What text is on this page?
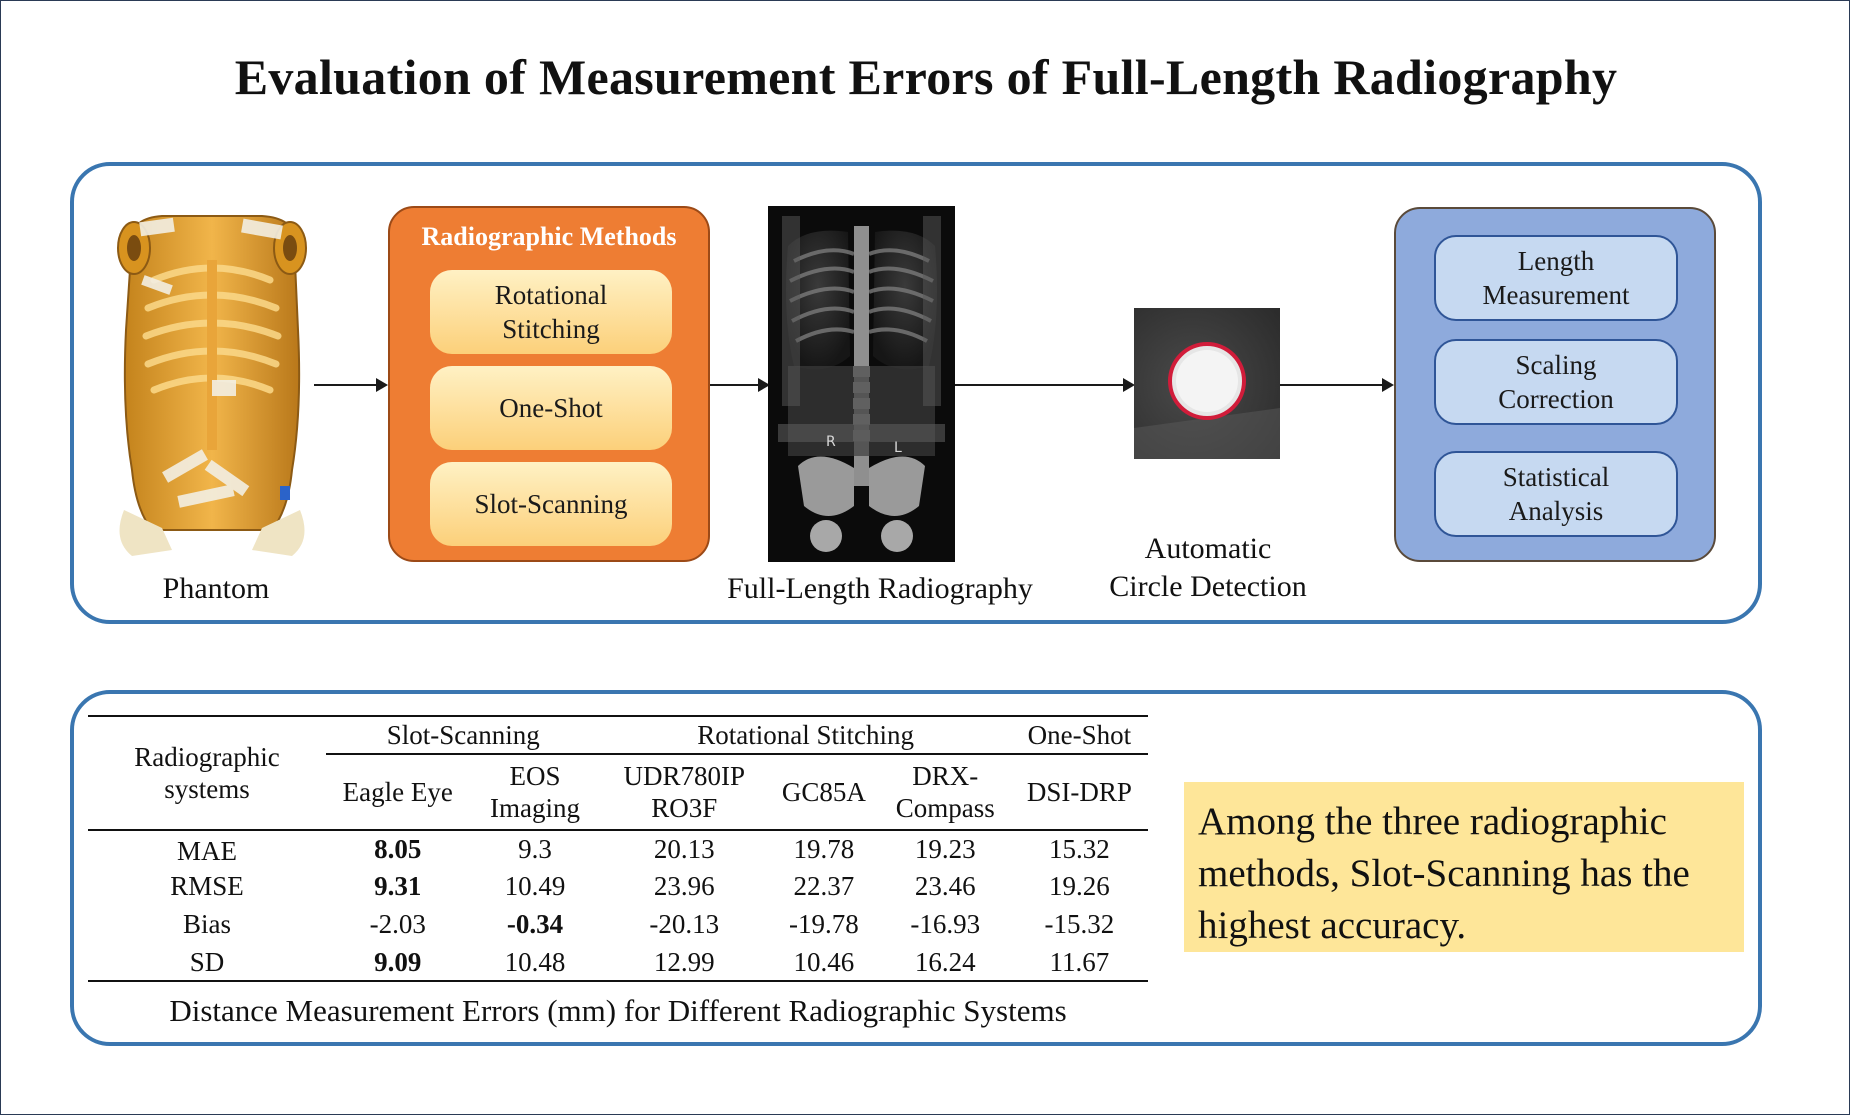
Evaluation of Measurement Errors of Full-Length Radiography
Phantom
Radiographic Methods
Rotational
Stitching
One-Shot
Slot-Scanning
R	L
Full-Length Radiography
Automatic
Circle Detection
Length
Measurement
Scaling
Correction
Statistical
Analysis
Radiographic systems	Slot-Scanning		Rotational Stitching			One-Shot
	Eagle Eye	EOS Imaging	UDR780IP RO3F	GC85A	DRX-Compass	DSI-DRP
MAE	8.05	9.3	20.13	19.78	19.23	15.32
RMSE	9.31	10.49	23.96	22.37	23.46	19.26
Bias	-2.03	-0.34	-20.13	-19.78	-16.93	-15.32
SD	9.09	10.48	12.99	10.46	16.24	11.67
Distance Measurement Errors (mm) for Different Radiographic Systems
Among the three radiographic methods, Slot-Scanning has the highest accuracy.
